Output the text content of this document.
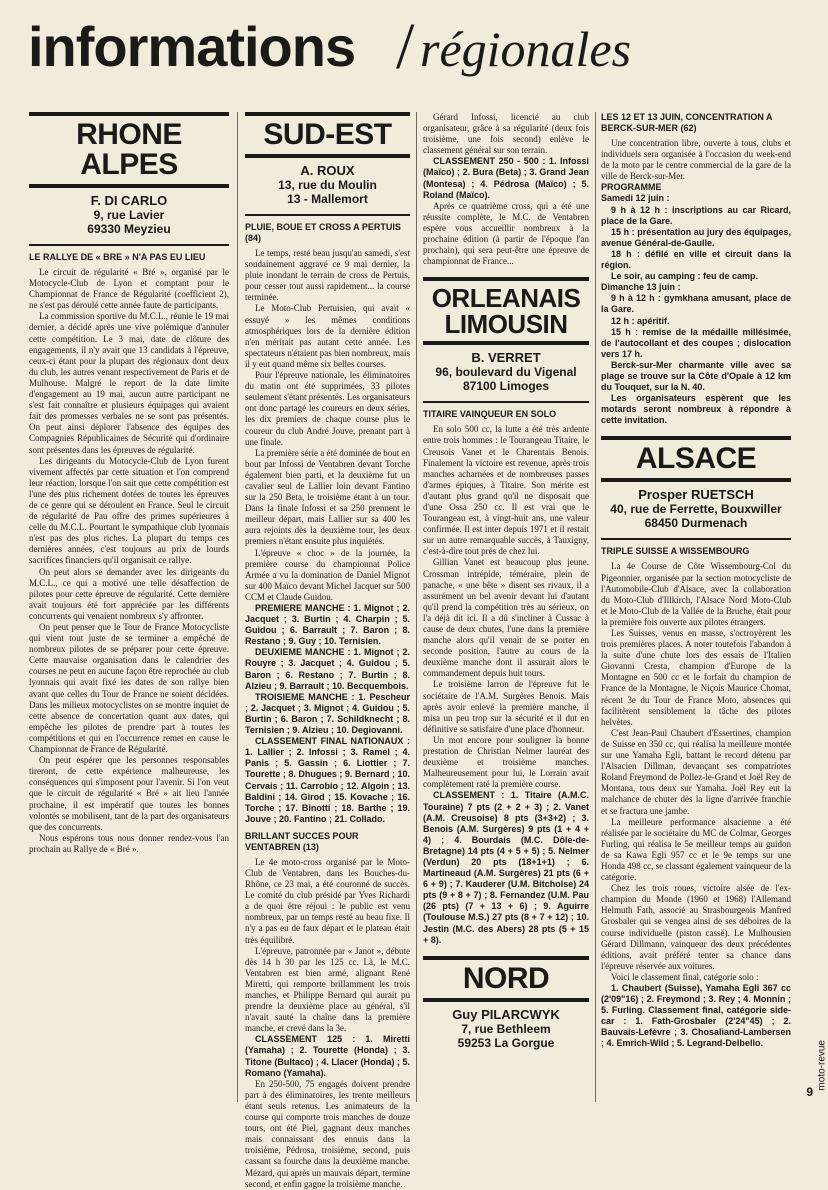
informations / régionales
RHONE ALPES
F. DI CARLO
9, rue Lavier
69330 Meyzieu
LE RALLYE DE « BRE » N'A PAS EU LIEU

Le circuit de régularité « Bré », organisé par le Motocycle-Club de Lyon et comptant pour le Championnat de France de Régularité (coefficient 2), ne s'est pas déroulé cette année faute de participants.

La commission sportive du M.C.L., réunie le 19 mai dernier, a décidé après une vive polémique d'annuler cette compétition. Le 3 mai, date de clôture des engagements, il n'y avait que 13 candidats à l'épreuve, ceux-ci étant pour la plupart des régionaux dont deux du club, les autres venant respectivement de Paris et de Mulhouse. Malgré le report de la date limite d'engagement au 19 mai, aucun autre participant ne s'est fait connaître et plusieurs équipages qui avaient fait des promesses verbales ne se sont pas présentés. On peut ainsi déplorer l'absence des équipes des Compagnies Républicaines de Sécurité qui d'ordinaire sont présentes dans les épreuves de régularité.

Les dirigeants du Motocycle-Club de Lyon furent vivement affectés par cette situation et l'on comprend leur réaction, lorsque l'on sait que cette compétition est l'une des plus richement dotées de toutes les épreuves de ce genre qui se déroulent en France. Seul le circuit de régularité de Pau offre des primes supérieures à celle du M.C.L. Pourtant le sympathique club lyonnais n'est pas des plus riches. La plupart du temps ces dernières années, c'est toujours au prix de lourds sacrifices financiers qu'il organisait ce rallye.

On peut alors se demander avec les dirigeants du M.C.L., ce qui a motivé une telle désaffection de pilotes pour cette épreuve de régularité. Cette dernière avait toujours été fort appréciée par les différents concurrents qui venaient nombreux s'y affronter.

On peut penser que le Tour de France Motocycliste qui vient tout juste de se terminer a empêché de nombreux pilotes de se préparer pour cette épreuve. Cette mauvaise organisation dans le calendrier des courses ne peut en aucune façon être reprochée au club lyonnais qui avait fixé les dates de son rallye bien avant que celles du Tour de France ne soient décidées. Dans les milieux motocyclistes on se montre inquiet de cette absence de concertation quant aux dates, qui empêche les pilotes de prendre part à toutes les compétitions et qui en l'occurrence remet en cause le Championnat de France de Régularité.

On peut espérer que les personnes responsables tireront, de cette expérience malheureuse, les conséquences qui s'imposent pour l'avenir. Si l'on veut que le circuit de régularité « Bré » ait lieu l'année prochaine, il est impératif que toutes les bonnes volontés se mobilisent, tant de la part des organisateurs que des concurrents.

Nous espérons tous nous donner rendez-vous l'an prochain au Rallye de « Bré ».

SUD-EST
A. ROUX
13, rue du Moulin
13 - Mallemort
PLUIE, BOUE ET CROSS A PERTUIS (84)

Le temps, resté beau jusqu'au samedi, s'est soudainement aggravé ce 9 mai dernier, la pluie inondant le terrain de cross de Pertuis, pour cesser tout aussi rapidement... la course terminée.

Le Moto-Club Pertuisien, qui avait « essuyé » les mêmes conditions atmosphériques lors de la dernière édition n'en méritait pas autant cette année. Les spectateurs n'étaient pas bien nombreux, mais il y eut quand même six belles courses.

Pour l'épreuve nationale, les éliminatoires du matin ont été supprimées, 33 pilotes seulement s'étant présentés. Les organisateurs ont donc partagé les coureurs en deux séries, les dix premiers de chaque course plus le coureur du club André Jouve, prenant part à une finale.

La première série a été dominée de bout en bout par Infossi de Ventabren devant Torche également bien parti, et la deuxième fut un cavalier seul de Lallier loin devant Fantino sur la 250 Beta, le troisième étant à un tour. Dans la finale Infossi et sa 250 prennent le meilleur départ, mais Lallier sur sa 400 les aura rejoints dès la deuxième tour, les deux premiers n'étant ensuite plus inquiétés.

L'épreuve « choc » de la journée, la première course du championnat Police Armée a vu la domination de Daniel Mignot sur 400 Maïco devant Michel Jacquet sur 500 CCM et Claude Guidou.

PREMIERE MANCHE : 1. Mignot ; 2. Jacquet ; 3. Burtin ; 4. Charpin ; 5. Guidou ; 6. Barrault ; 7. Baron ; 8. Restano ; 9. Guy ; 10. Ternisien.

DEUXIEME MANCHE : 1. Mignot ; 2. Rouyre ; 3. Jacquet ; 4. Guidou ; 5. Baron ; 6. Restano ; 7. Burtin ; 8. Alzieu ; 9. Barrault ; 10. Becquembois.

TROISIEME MANCHE : 1. Pescheur ; 2. Jacquet ; 3. Mignot ; 4. Guidou ; 5. Burtin ; 6. Baron ; 7. Schildknecht ; 8. Ternisien ; 9. Alzieu ; 10. Degiovanni.

CLASSEMENT FINAL NATIONAUX : 1. Lallier ; 2. Infossi ; 3. Ramel ; 4. Panis ; 5. Gassin ; 6. Liottier ; 7. Tourette ; 8. Dhugues ; 9. Bernard ; 10. Cervais ; 11. Carrobio ; 12. Algoin ; 13. Baldini ; 14. Girod ; 15. Kovache ; 16. Torche ; 17. Binotti ; 18. Barthe ; 19. Jouve ; 20. Fantino ; 21. Collado.

BRILLANT SUCCES POUR VENTABREN (13)

Le 4e moto-cross organisé par le Moto-Club de Ventabren, dans les Bouches-du-Rhône, ce 23 mai, a été couronné de succès. Le comité du club présidé par Yves Richardi a de quoi être réjoui : le public est venu nombreux, par un temps resté au beau fixe. Il n'y a pas eu de faux départ et le plateau était très équilibré.

L'épreuve, patronnée par « Janot », débute dès 14 h 30 par les 125 cc. Là, le M.C. Ventabren est bien armé, alignant René Miretti, qui remporte brillamment les trois manches, et Philippe Bernard qui aurait pu prendre la deuxième place au général, s'il n'avait sauté la chaîne dans la première manche, et crevé dans la 3e.

CLASSEMENT 125 : 1. Miretti (Yamaha) ; 2. Tourette (Honda) ; 3. Titone (Bultaco) ; 4. Llacer (Honda) ; 5. Romano (Yamaha).

En 250-500, 75 engagés doivent prendre part à des éliminatoires, les trente meilleurs étant seuls retenus. Les animateurs de la course qui comporte trois manches de douze tours, ont été Piel, gagnant deux manches mais connaissant des ennuis dans la troisième, Pédrosa, troisième, second, puis cassant sa fourche dans la deuxième manche. Mézard, qui après un mauvais départ, termine second, et enfin gagne la troisième manche.

Gérard Infossi, licencié au club organisateur, grâce à sa régularité (deux fois troisième, une fois second) enlève le classement général sur son terrain.

CLASSEMENT 250 - 500 : 1. Infossi (Maïco) ; 2. Bura (Beta) ; 3. Grand Jean (Montesa) ; 4. Pédrosa (Maïco) ; 5. Roland (Maïco).

Après ce quatrième cross, qui a été une réussite complète, le M.C. de Ventabren espère vous accueillir nombreux à la prochaine édition (à partir de l'époque l'an prochain), qui sera peut-être une épreuve de championnat de France...

ORLEANAIS LIMOUSIN
B. VERRET
96, boulevard du Vigenal
87100 Limoges
TITAIRE VAINQUEUR EN SOLO

En solo 500 cc, la lutte a été très ardente entre trois hommes : le Tourangeau Titaire, le Creusois Vanet et le Charentais Benois. Finalement la victoire est revenue, après trois manches acharnées et de nombreuses passes d'armes épiques, à Titaire. Son mérite est d'autant plus grand qu'il ne disposait que d'une Ossa 250 cc. Il est vrai que le Tourangeau est, à vingt-huit ans, une valeur confirmée. Il est inter depuis 1971 et il restait sur un autre remarquable succès, à Tauxigny, c'est-à-dire tout près de chez lui.

Gillian Vanet est beaucoup plus jeune. Crossman intrépide, téméraire, plein de panache, « une bête » disent ses rivaux, il a assurément un bel avenir devant lui d'autant qu'il prend la compétition très au sérieux, on l'a déjà dit ici. Il a dû s'incliner à Cussac à cause de deux chutes, l'une dans la première manche alors qu'il venait de se porter en seconde position, l'autre au cours de la deuxième manche dont il assurait alors le commandement depuis huit tours.

Le troisième larron de l'épreuve fut le sociétaire de l'A.M. Surgères Benois. Mais après avoir enlevé la première manche, il misa un peu trop sur la sécurité et il dut en définitive se satisfaire d'une place d'honneur.

Un mot encore pour souligner la bonne prestation de Christian Nelmer lauréat des deuxième et troisième manches. Malheureusement pour lui, le Lorrain avait complètement raté la première course.

CLASSEMENT : 1. Titaire (A.M.C. Touraine) 7 pts (2 + 2 + 3) ; 2. Vanet (A.M. Creusoise) 8 pts (3+3+2) ; 3. Benois (A.M. Surgères) 9 pts (1 + 4 + 4) ; 4. Bourdais (M.C. Dôle-de-Bretagne) 14 pts (4 + 5 + 5) ; 5. Nelmer (Verdun) 20 pts (18+1+1) ; 6. Martineaud (A.M. Surgères) 21 pts (6 + 6 + 9) ; 7. Kauderer (U.M. Bitcholse) 24 pts (9 + 8 + 7) ; 8. Fernandez (U.M. Pau (26 pts) (7 + 13 + 6) ; 9. Aguirre (Toulouse M.S.) 27 pts (8 + 7 + 12) ; 10. Jestin (M.C. des Abers) 28 pts (5 + 15 + 8).

NORD
Guy PILARCWYK
7, rue Bethleem
59253 La Gorgue
LES 12 ET 13 JUIN, CONCENTRATION A BERCK-SUR-MER (62)

Une concentration libre, ouverte à tous, clubs et individuels sera organisée à l'occasion du week-end de la moto par le centre commercial de la gare de la ville de Berck-sur-Mer.

PROGRAMME

Samedi 12 juin :

9 h à 12 h : inscriptions au car Ricard, place de la Gare.

15 h : présentation au jury des équipages, avenue Général-de-Gaulle.

18 h : défilé en ville et circuit dans la région.

Le soir, au camping : feu de camp.

Dimanche 13 juin :

9 h à 12 h : gymkhana amusant, place de la Gare.

12 h : apéritif.

15 h : remise de la médaille millésimée, de l'autocollant et des coupes ; dislocation vers 17 h.

Berck-sur-Mer charmante ville avec sa plage se trouve sur la Côte d'Opale à 12 km du Touquet, sur la N. 40.

Les organisateurs espèrent que les motards seront nombreux à répondre à cette invitation.

ALSACE
Prosper RUETSCH
40, rue de Ferrette, Bouxwiller
68450 Durmenach
TRIPLE SUISSE A WISSEMBOURG

La 4e Course de Côte Wissembourg-Col du Pigeonnier, organisée par la section motocycliste de l'Automobile-Club d'Alsace, avec la collaboration du Moto-Club d'Illkirch, l'Alsace Nord Moto-Club et le Moto-Club de la Vallée de la Bruche, était pour la première fois ouverte aux pilotes étrangers.

Les Suisses, venus en masse, s'octroyèrent les trois premières places. A noter toutefois l'abandon à la suite d'une chute lors des essais de l'Italien Giovanni Cresta, champion d'Europe de la Montagne en 500 cc et le forfait du champion de France de la Montagne, le Niçois Maurice Chomat, récent 3e du Tour de France Moto, absences qui facilitèrent sensiblement la tâche des pilotes helvètes.

C'est Jean-Paul Chaubert d'Essertines, champion de Suisse en 350 cc, qui réalisa la meilleure montée sur une Yamaha Egli, battant le record détenu par l'Alsacien Dillman, devançant ses compatriotes Roland Freymond de Pollez-le-Grand et Joël Rey de Montana, tous deux sur Yamaha. Joël Rey eut la malchance de chuter dès la ligne d'arrivée franchie et se fractura une jambe.

La meilleure performance alsacienne a été réalisée par le sociétaire du MC de Colmar, Georges Furling, qui réalisa le 5e meilleur temps au guidon de sa Kawa Egli 957 cc et le 9e temps sur une Honda 498 cc, se classant également vainqueur de la catégorie.

Chez les trois roues, victoire alsée de l'ex-champion du Monde (1960 et 1968) l'Allemand Helmuth Fath, associé au Strasbourgeois Manfred Grosbaler qui se vengea ainsi de ses déboires de la course individuelle (piston cassé). Le Mulhousien Gérard Dillmann, vainqueur des deux précédentes éditions, avait préféré tenter sa chance dans l'épreuve réservée aux voitures.

Voici le classement final, catégorie solo :

1. Chaubert (Suisse), Yamaha Egli 367 cc (2'09"16) ; 2. Freymond ; 3. Rey ; 4. Monnin ; 5. Furling. Classement final, catégorie side-car : 1. Fath-Grosbaler (2'24"45) ; 2. Bauvais-Lefèvre ; 3. Chosaliand-Lambersen ; 4. Emrich-Wild ; 5. Legrand-Delbello.	moto-revue
9
